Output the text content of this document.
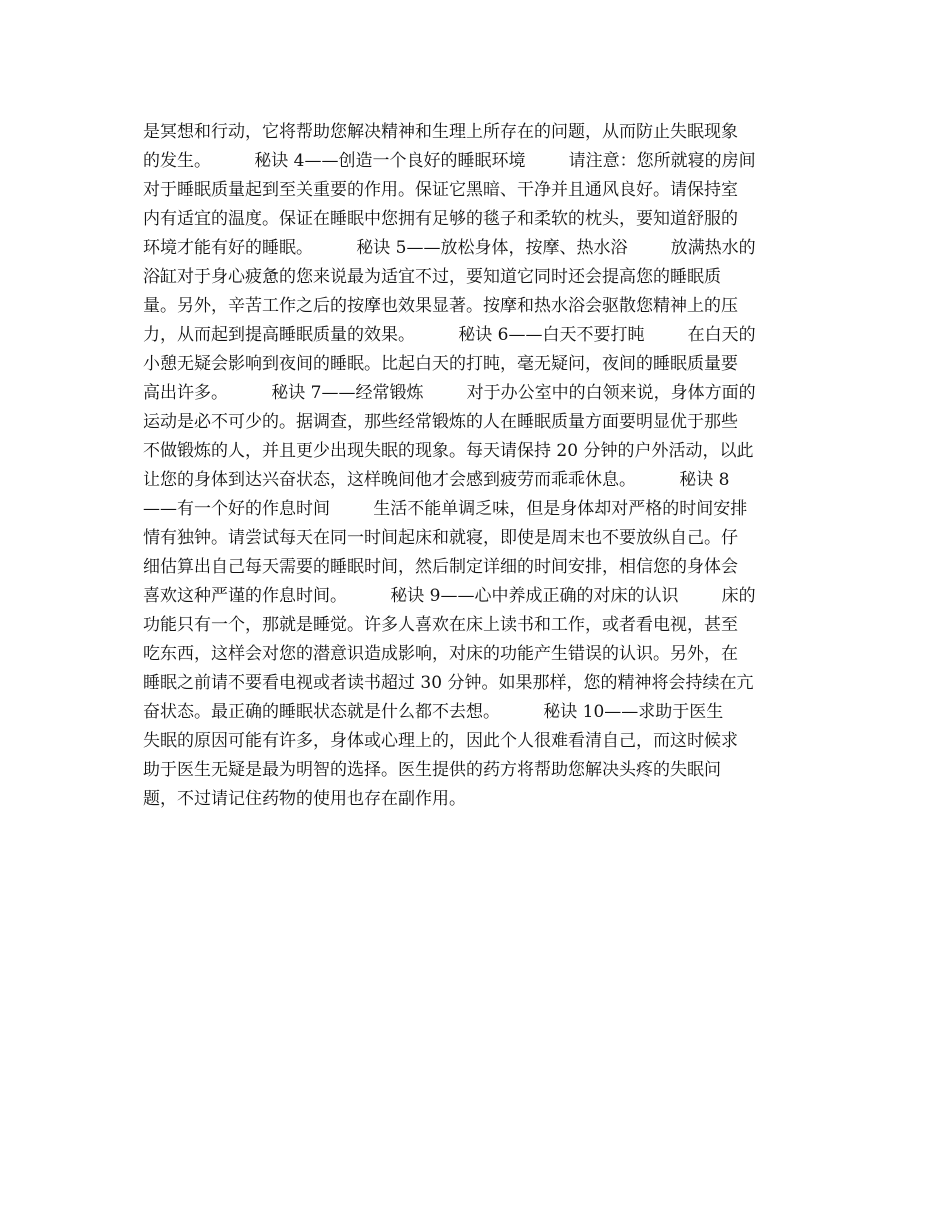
是冥想和行动，它将帮助您解决精神和生理上所存在的问题，从而防止失眠现象
的发生。        秘诀 4——创造一个良好的睡眠环境        请注意：您所就寝的房间
对于睡眠质量起到至关重要的作用。保证它黑暗、干净并且通风良好。请保持室
内有适宜的温度。保证在睡眠中您拥有足够的毯子和柔软的枕头，要知道舒服的
环境才能有好的睡眠。        秘诀 5——放松身体，按摩、热水浴        放满热水的
浴缸对于身心疲惫的您来说最为适宜不过，要知道它同时还会提高您的睡眠质
量。另外，辛苦工作之后的按摩也效果显著。按摩和热水浴会驱散您精神上的压
力，从而起到提高睡眠质量的效果。        秘诀 6——白天不要打盹        在白天的
小憩无疑会影响到夜间的睡眠。比起白天的打盹，毫无疑问，夜间的睡眠质量要
高出许多。        秘诀 7——经常锻炼        对于办公室中的白领来说，身体方面的
运动是必不可少的。据调查，那些经常锻炼的人在睡眠质量方面要明显优于那些
不做锻炼的人，并且更少出现失眠的现象。每天请保持 20 分钟的户外活动，以此
让您的身体到达兴奋状态，这样晚间他才会感到疲劳而乖乖休息。        秘诀 8
——有一个好的作息时间        生活不能单调乏味，但是身体却对严格的时间安排
情有独钟。请尝试每天在同一时间起床和就寝，即使是周末也不要放纵自己。仔
细估算出自己每天需要的睡眠时间，然后制定详细的时间安排，相信您的身体会
喜欢这种严谨的作息时间。        秘诀 9——心中养成正确的对床的认识        床的
功能只有一个，那就是睡觉。许多人喜欢在床上读书和工作，或者看电视，甚至
吃东西，这样会对您的潜意识造成影响，对床的功能产生错误的认识。另外，在
睡眠之前请不要看电视或者读书超过 30 分钟。如果那样，您的精神将会持续在亢
奋状态。最正确的睡眠状态就是什么都不去想。        秘诀 10——求助于医生
失眠的原因可能有许多，身体或心理上的，因此个人很难看清自己，而这时候求
助于医生无疑是最为明智的选择。医生提供的药方将帮助您解决头疼的失眠问
题，不过请记住药物的使用也存在副作用。
